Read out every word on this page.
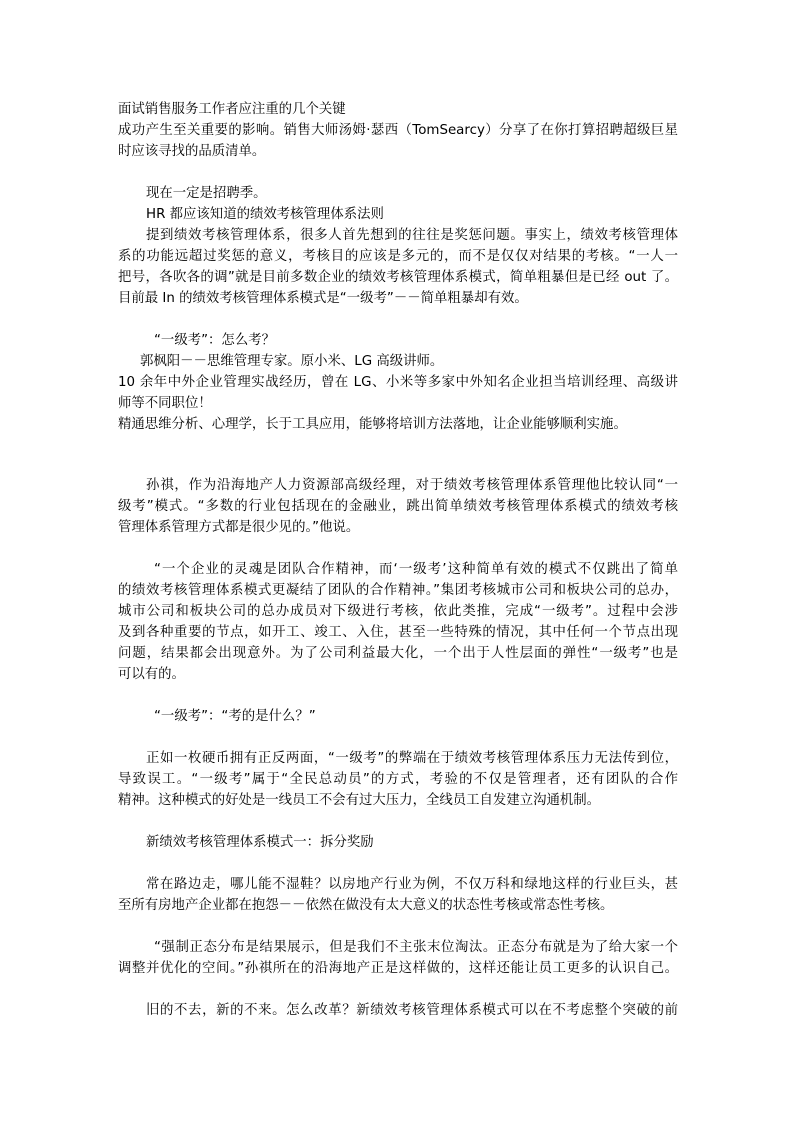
面试销售服务工作者应注重的几个关键
成功产生至关重要的影响。销售大师汤姆·瑟西（TomSearcy）分享了在你打算招聘超级巨星
时应该寻找的品质清单。
现在一定是招聘季。
HR 都应该知道的绩效考核管理体系法则
提到绩效考核管理体系，很多人首先想到的往往是奖惩问题。事实上，绩效考核管理体
系的功能远超过奖惩的意义，考核目的应该是多元的，而不是仅仅对结果的考核。“一人一
把号，各吹各的调”就是目前多数企业的绩效考核管理体系模式，简单粗暴但是已经 out 了。
目前最 In 的绩效考核管理体系模式是“一级考”－－简单粗暴却有效。
“一级考”：怎么考？
郭枫阳－－思维管理专家。原小米、LG 高级讲师。
10 余年中外企业管理实战经历，曾在 LG、小米等多家中外知名企业担当培训经理、高级讲
师等不同职位！
精通思维分析、心理学，长于工具应用，能够将培训方法落地，让企业能够顺利实施。
孙祺，作为沿海地产人力资源部高级经理，对于绩效考核管理体系管理他比较认同“一
级考”模式。“多数的行业包括现在的金融业，跳出简单绩效考核管理体系模式的绩效考核
管理体系管理方式都是很少见的。”他说。
“一个企业的灵魂是团队合作精神，而‘一级考’这种简单有效的模式不仅跳出了简单
的绩效考核管理体系模式更凝结了团队的合作精神。”集团考核城市公司和板块公司的总办，
城市公司和板块公司的总办成员对下级进行考核，依此类推，完成“一级考”。过程中会涉
及到各种重要的节点，如开工、竣工、入住，甚至一些特殊的情况，其中任何一个节点出现
问题，结果都会出现意外。为了公司利益最大化，一个出于人性层面的弹性“一级考”也是
可以有的。
“一级考”：“考的是什么？”
正如一枚硬币拥有正反两面，“一级考”的弊端在于绩效考核管理体系压力无法传到位，
导致误工。“一级考”属于“全民总动员”的方式，考验的不仅是管理者，还有团队的合作
精神。这种模式的好处是一线员工不会有过大压力，全线员工自发建立沟通机制。
新绩效考核管理体系模式一：拆分奖励
常在路边走，哪儿能不湿鞋？以房地产行业为例，不仅万科和绿地这样的行业巨头，甚
至所有房地产企业都在抱怨－－依然在做没有太大意义的状态性考核或常态性考核。
“强制正态分布是结果展示，但是我们不主张末位淘汰。正态分布就是为了给大家一个
调整并优化的空间。”孙祺所在的沿海地产正是这样做的，这样还能让员工更多的认识自己。
旧的不去，新的不来。怎么改革？新绩效考核管理体系模式可以在不考虑整个突破的前
